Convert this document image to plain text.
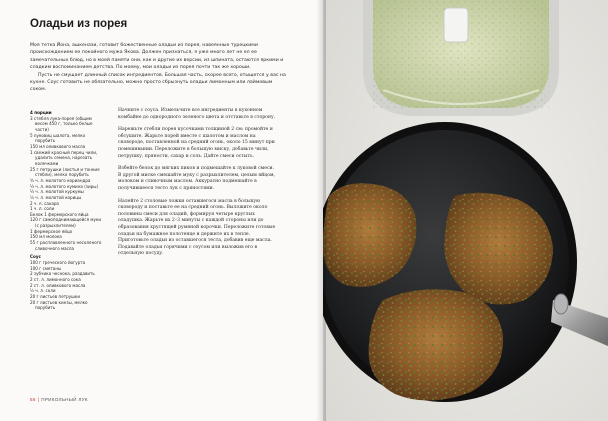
Оладьи из порея

Моя тетка Йона, ашкенази, готовит божественные оладьи из порея, навеянные турецкими происхождением ее покойного мужа Якова. Должен признаться, я уже много лет не ел ее замечательных блюд, но в моей памяти они, как и другие их версии, из шпината, остаются яркими и сладким воспоминанием детства. По моему, мои оладьи из порея почти так же хороши.

Пусть не смущает длинный список ингредиентов. Большая часть, скорее всего, отыщется у вас на кухне. Соус готовить не обязательно, можно просто сбрызнуть оладьи лимонным или лаймовым соком.

4 порции
3 стебля лука-порея (общим весом 450 г, только белые части)
5 луковиц шалота, мелко порубить
150 мл оливкового масла
1 свежий красный перец чили, удалить семена, нарезать колечками
25 г петрушки (листья и тонкие стебли), мелко порубить
¾ ч. л. молотого кориандра
¼ ч. л. молотого кумина (зиры)
¼ ч. л. молотой куркумы
½ ч. л. молотой корицы
2 ч. л. сахара
1 ч. л. соли
Белок 1 фермерского яйца
120 г самоподнимающейся муки (с разрыхлителем)
1 фермерское яйцо
150 мл молока
55 г расплавленного несоленого сливочного масла
Соус
100 г греческого йогурта
100 г сметаны
2 зубчика чеснока, раздавить
2 ст. л. лимонного сока
2 ст. л. оливкового масла
½ ч. л. соли
20 г листьев петрушки
20 г листьев кинзы, мелко порубить

Начните с соуса. Измельчите все ингредиенты в кухонном комбайне до однородного зеленого цвета и отставьте в сторону.

Нарежьте стебли порея кусочками толщиной 2 см: промойте и обсушите. Жарьте порей вместе с шалотом и маслом на сковороде, поставленной на средний огонь, около 15 минут при помешивании. Переложите в большую миску, добавьте чили, петрушку, пряности, сахар и соль. Дайте смеси остыть.

Взбейте белок до мягких пиков и подмешайте к луковой смеси. В другой миске смешайте муку с разрыхлителем, целым яйцом, молоком и сливочным маслом. Аккуратно подмешайте в получившееся тесто лук с пряностями.

Налейте 2 столовые ложки оставшегося масла в большую сковороду и поставьте ее на средний огонь. Выложите около половины смеси для оладий, формируя четыре круглых оладушка. Жарьте их 2–3 минуты с каждой стороны или до образования хрустящей румяной корочки. Переложите готовые оладьи на бумажное полотенце и держите их в тепле. Приготовьте оладьи из оставшегося теста, добавив еще масла. Подавайте оладьи горячими с соусом или выложив его в отдельную посуду.

56 | ПРИКОЛЬНЫЙ ЛУК
